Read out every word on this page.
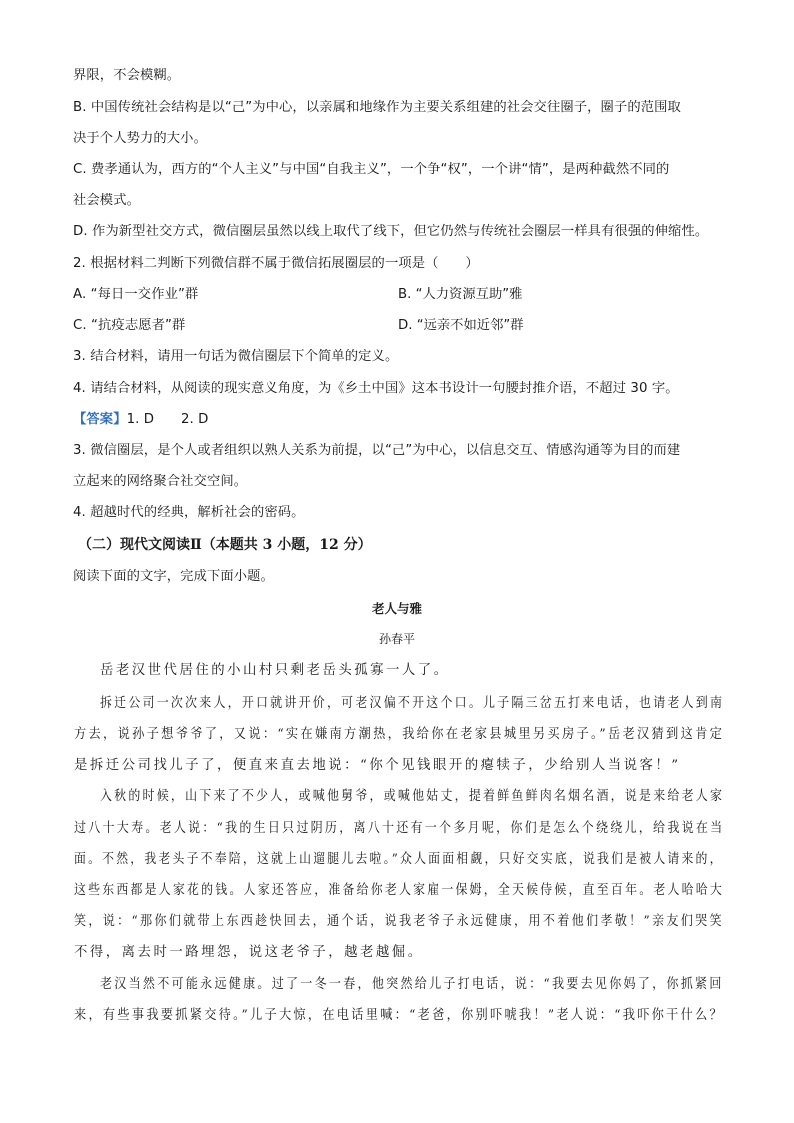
界限，不会模糊。
B. 中国传统社会结构是以“己”为中心，以亲属和地缘作为主要关系组建的社会交往圈子，圈子的范围取
决于个人势力的大小。
C. 费孝通认为，西方的“个人主义”与中国“自我主义”，一个争“权”，一个讲“情”，是两种截然不同的
社会模式。
D. 作为新型社交方式，微信圈层虽然以线上取代了线下，但它仍然与传统社会圈层一样具有很强的伸缩性。
2. 根据材料二判断下列微信群不属于微信拓展圈层的一项是（　　）
A. “每日一交作业”群	B. “人力资源互助”雅
C. “抗疫志愿者”群	D. “远亲不如近邻”群
3. 结合材料，请用一句话为微信圈层下个简单的定义。
4. 请结合材料，从阅读的现实意义角度，为《乡土中国》这本书设计一句腰封推介语，不超过 30 字。
【答案】1. D　　2. D
3. 微信圈层，是个人或者组织以熟人关系为前提，以“己”为中心，以信息交互、情感沟通等为目的而建
立起来的网络聚合社交空间。
4. 超越时代的经典，解析社会的密码。
（二）现代文阅读Ⅱ（本题共 3 小题，12 分）
阅读下面的文字，完成下面小题。
老人与雅
孙春平
岳老汉世代居住的小山村只剩老岳头孤寡一人了。
拆迁公司一次次来人，开口就讲开价，可老汉偏不开这个口。儿子隔三岔五打来电话，也请老人到南
方去，说孙子想爷爷了，又说：“实在嫌南方潮热，我给你在老家县城里另买房子。”岳老汉猜到这肯定
是拆迁公司找儿子了，便直来直去地说：“你个见钱眼开的瘪犊子，少给别人当说客！”
入秋的时候，山下来了不少人，或喊他舅爷，或喊他姑丈，提着鲜鱼鲜肉名烟名酒，说是来给老人家
过八十大寿。老人说：“我的生日只过阴历，离八十还有一个多月呢，你们是怎么个绕绕儿，给我说在当
面。不然，我老头子不奉陪，这就上山遛腿儿去啦。”众人面面相觑，只好交实底，说我们是被人请来的，
这些东西都是人家花的钱。人家还答应，准备给你老人家雇一保姆，全天候侍候，直至百年。老人哈哈大
笑，说：“那你们就带上东西趁快回去，通个话，说我老爷子永远健康，用不着他们孝敬！”亲友们哭笑
不得，离去时一路埋怨，说这老爷子，越老越倔。
老汉当然不可能永远健康。过了一冬一春，他突然给儿子打电话，说：“我要去见你妈了，你抓紧回
来，有些事我要抓紧交待。”儿子大惊，在电话里喊：“老爸，你别吓唬我！”老人说：“我吓你干什么？
